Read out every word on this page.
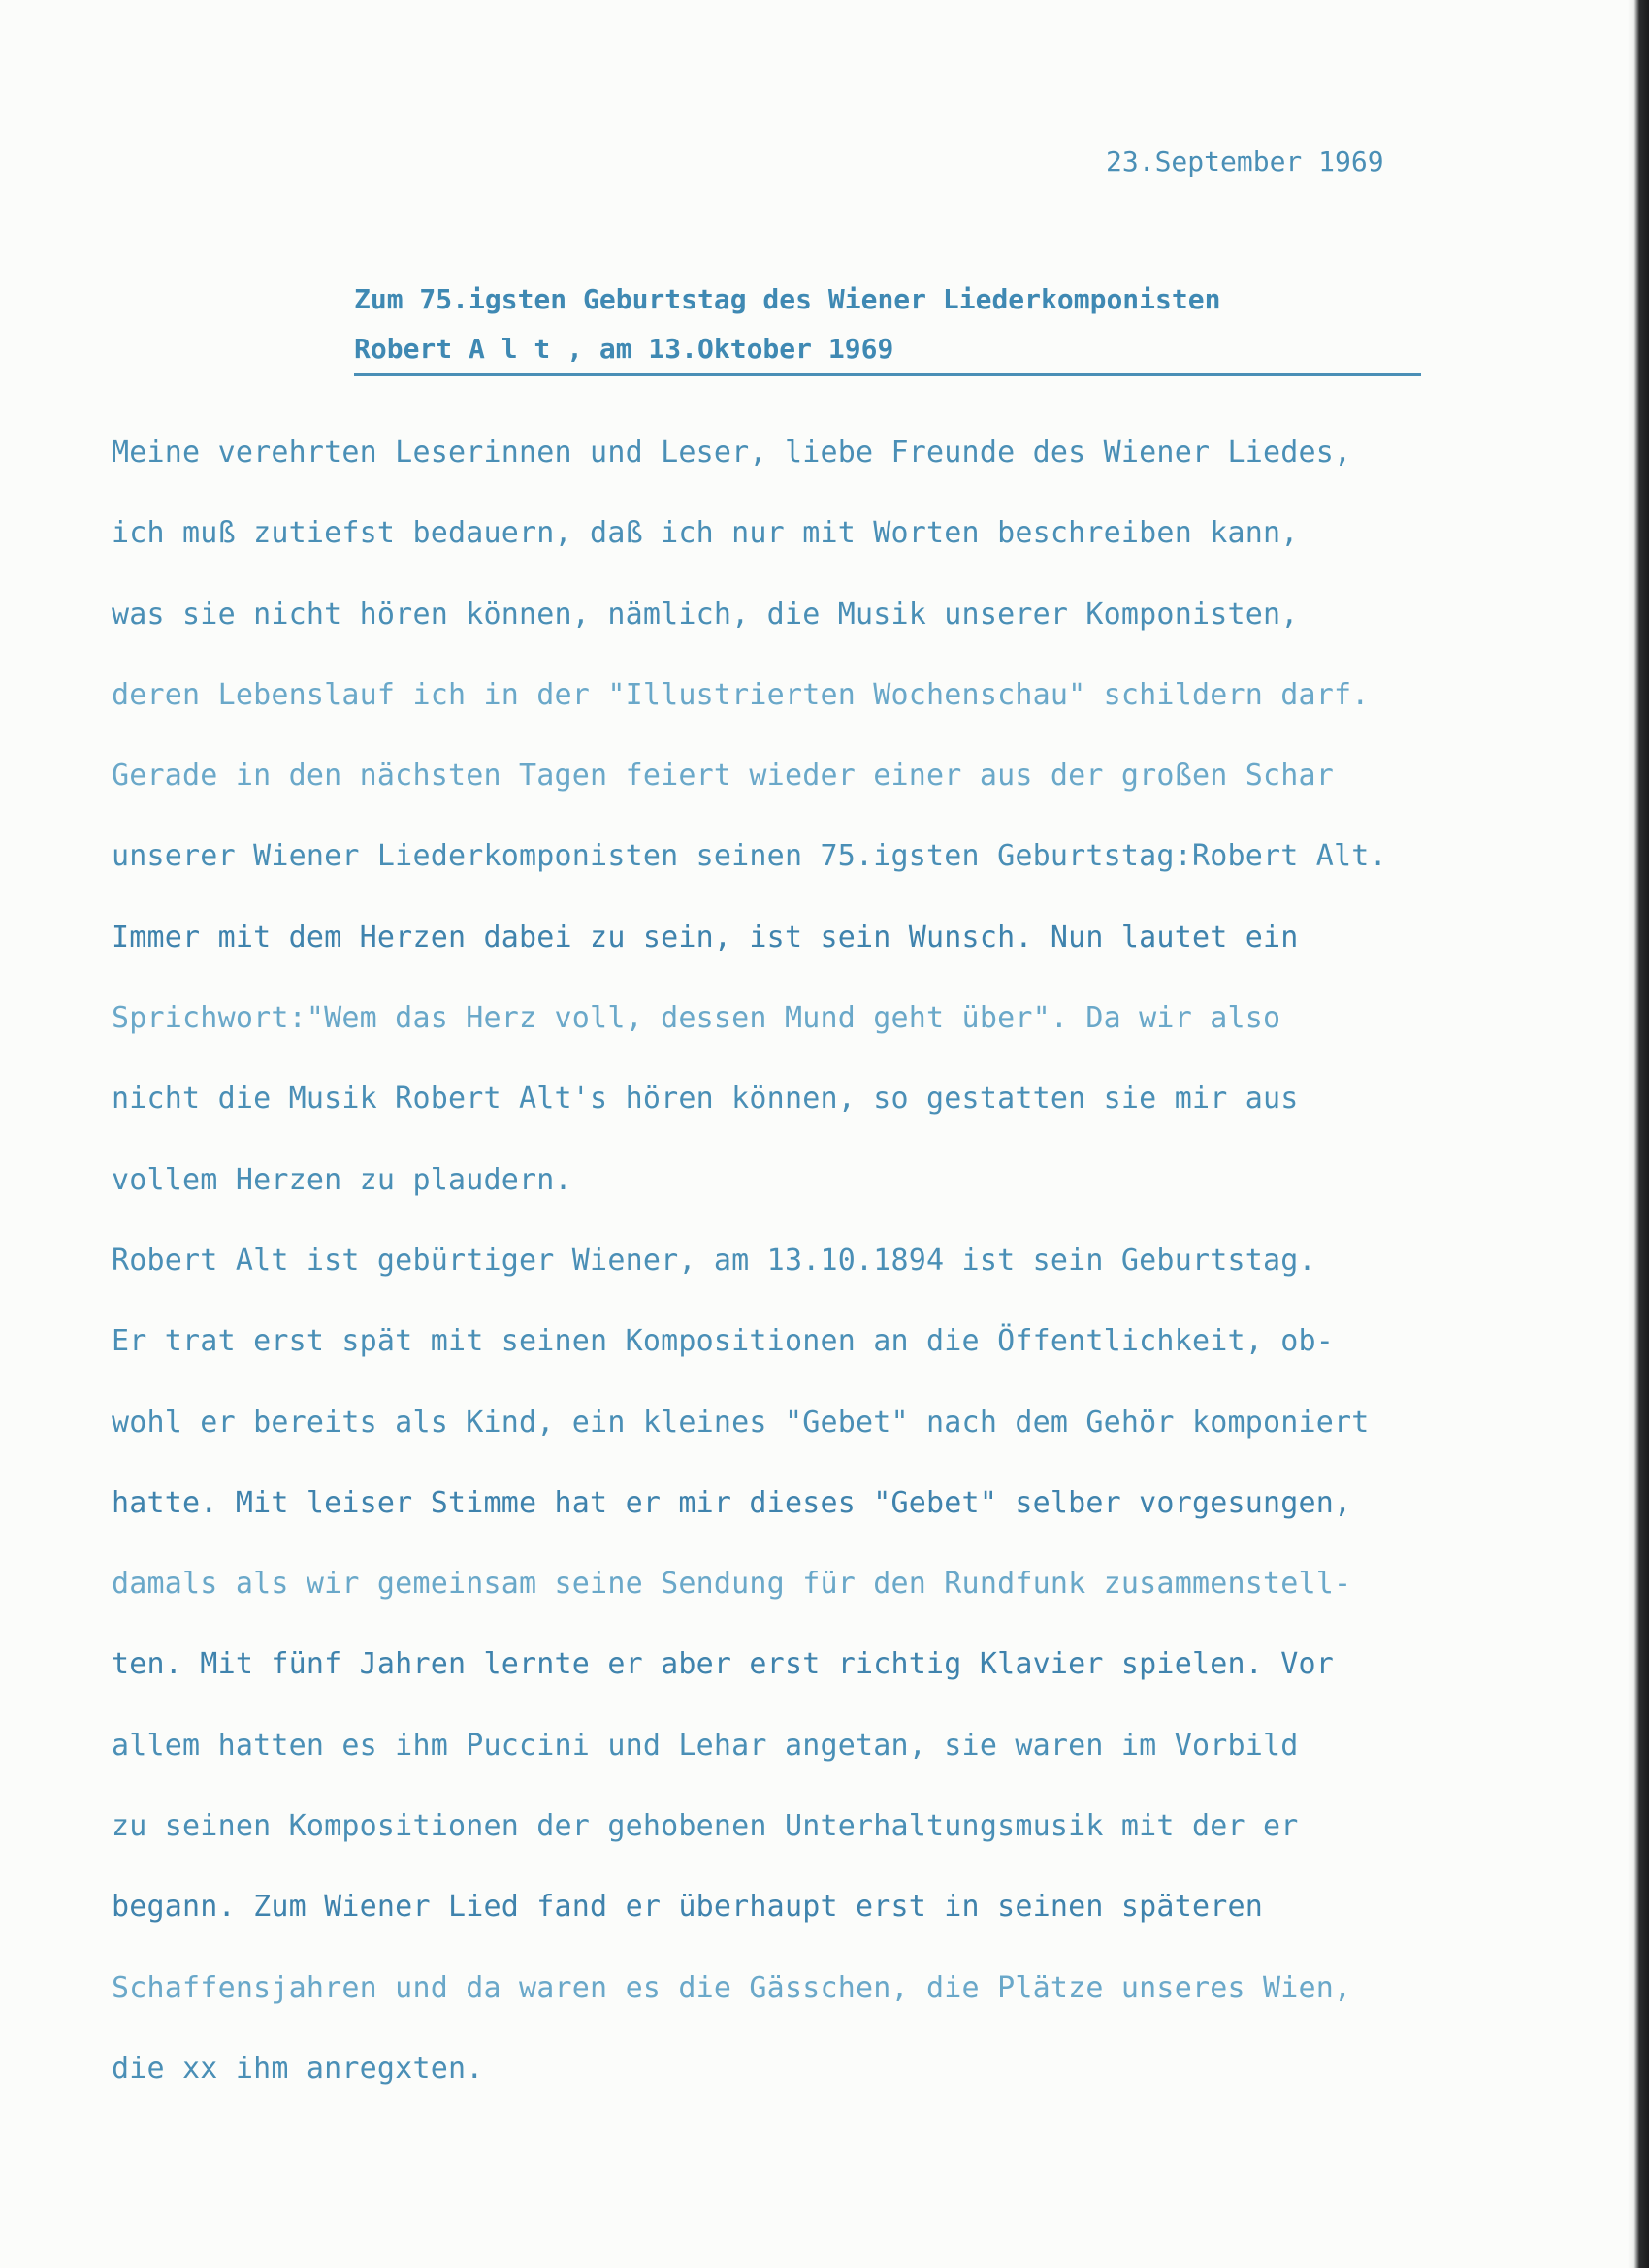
23.September 1969
Zum 75.igsten Geburtstag des Wiener Liederkomponisten
Robert A l t , am 13.Oktober 1969
Meine verehrten Leserinnen und Leser, liebe Freunde des Wiener Liedes,
ich muß zutiefst bedauern, daß ich nur mit Worten beschreiben kann,
was sie nicht hören können, nämlich, die Musik unserer Komponisten,
deren Lebenslauf ich in der "Illustrierten Wochenschau" schildern darf.
Gerade in den nächsten Tagen feiert wieder einer aus der großen Schar
unserer Wiener Liederkomponisten seinen 75.igsten Geburtstag:Robert Alt.
Immer mit dem Herzen dabei zu sein, ist sein Wunsch. Nun lautet ein
Sprichwort:"Wem das Herz voll, dessen Mund geht über". Da wir also
nicht die Musik Robert Alt's hören können, so gestatten sie mir aus
vollem Herzen zu plaudern.
Robert Alt ist gebürtiger Wiener, am 13.10.1894 ist sein Geburtstag.
Er trat erst spät mit seinen Kompositionen an die Öffentlichkeit, ob-
wohl er bereits als Kind, ein kleines "Gebet" nach dem Gehör komponiert
hatte. Mit leiser Stimme hat er mir dieses "Gebet" selber vorgesungen,
damals als wir gemeinsam seine Sendung für den Rundfunk zusammenstell-
ten. Mit fünf Jahren lernte er aber erst richtig Klavier spielen. Vor
allem hatten es ihm Puccini und Lehar angetan, sie waren im Vorbild
zu seinen Kompositionen der gehobenen Unterhaltungsmusik mit der er
begann. Zum Wiener Lied fand er überhaupt erst in seinen späteren
Schaffensjahren und da waren es die Gässchen, die Plätze unseres Wien,
die xx ihm anregxten.
